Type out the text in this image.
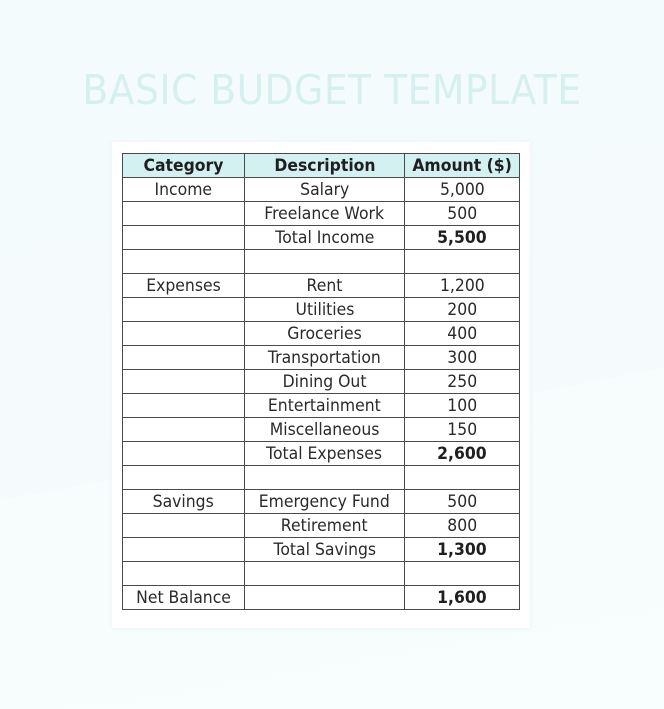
BASIC BUDGET TEMPLATE
Category	Description	Amount ($)
Income	Salary	5,000
	Freelance Work	500
	Total Income	5,500

Expenses	Rent	1,200
	Utilities	200
	Groceries	400
	Transportation	300
	Dining Out	250
	Entertainment	100
	Miscellaneous	150
	Total Expenses	2,600

Savings	Emergency Fund	500
	Retirement	800
	Total Savings	1,300

Net Balance		1,600
